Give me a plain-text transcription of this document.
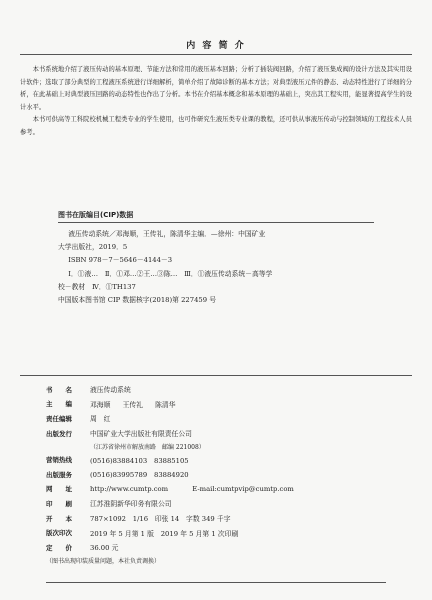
内 容 简 介

本书系统地介绍了液压传动的基本原理、节能方法和常用的液压基本回路；分析了插装阀回路，介绍了液压集成阀的设计方法及其实用设计软件；选取了部分典型的工程液压系统进行详细解析，简单介绍了故障诊断的基本方法；对典型液压元件的静态、动态特性进行了详细的分析，在此基础上对典型液压回路的动态特性也作出了分析。本书在介绍基本概念和基本原理的基础上，突出其工程实用，能显著提高学生的设计水平。

本书可供高等工科院校机械工程类专业的学生使用，也可作研究生液压类专业课的教程，还可供从事液压传动与控制领域的工程技术人员参考。

图书在版编目(CIP)数据
液压传动系统／邓海顺，王传礼，陈清华主编．—徐州：中国矿业
大学出版社，2019．5
ISBN 978－7－5646－4144－3
Ⅰ．①液…　Ⅱ．①邓…②王…③陈…　Ⅲ．①液压传动系统－高等学
校－教材　Ⅳ．①TH137
中国版本图书馆 CIP 数据核字(2018)第 227459 号
书　　名	液压传动系统
主　　编	邓海顺 王传礼 陈清华
责任编辑	周　红
出版发行	中国矿业大学出版社有限责任公司
（江苏省徐州市解放南路　邮编 221008）
营销热线	(0516)83884103　83885105
出版服务	(0516)83995789　83884920
网　　址	http://www.cumtp.com	E-mail:cumtpvip@cumtp.com
印　　刷	江苏淮阴新华印务有限公司
开　　本	787×1092　1/16　印张 14　字数 349 千字
版次印次	2019 年 5 月第 1 版　2019 年 5 月第 1 次印刷
定　　价	36.00 元
（图书出现印装质量问题，本社负责调换）
